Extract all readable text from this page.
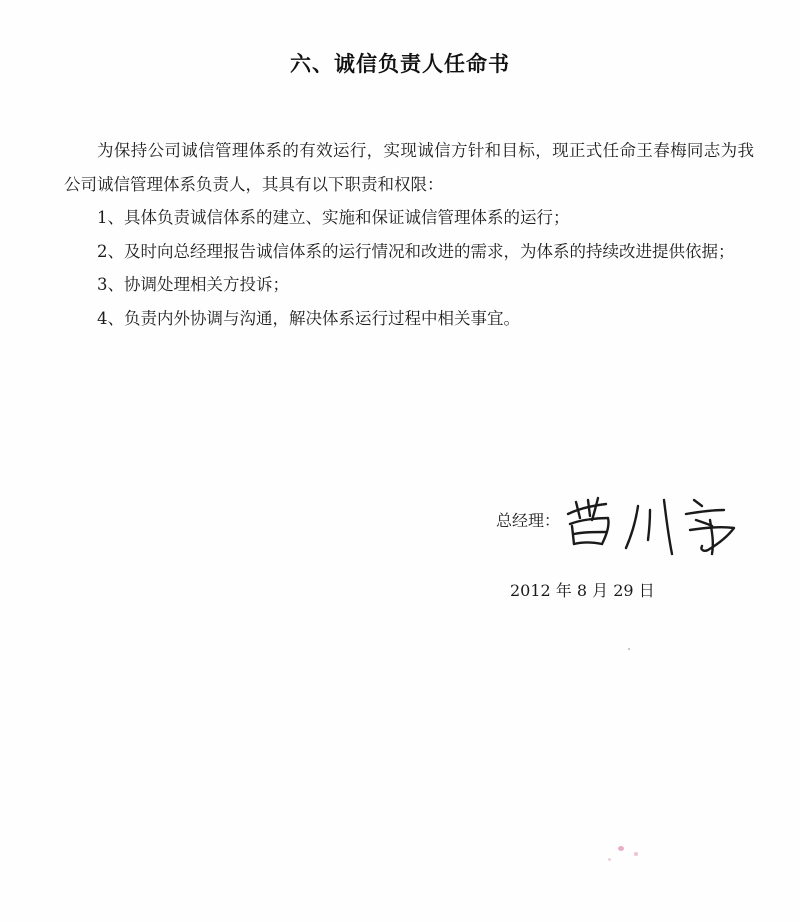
六、诚信负责人任命书

为保持公司诚信管理体系的有效运行，实现诚信方针和目标，现正式任命王春梅同志为我公司诚信管理体系负责人，其具有以下职责和权限：

1、具体负责诚信体系的建立、实施和保证诚信管理体系的运行；

2、及时向总经理报告诚信体系的运行情况和改进的需求，为体系的持续改进提供依据；

3、协调处理相关方投诉；

4、负责内外协调与沟通，解决体系运行过程中相关事宜。

总经理：
2012 年 8 月 29 日
